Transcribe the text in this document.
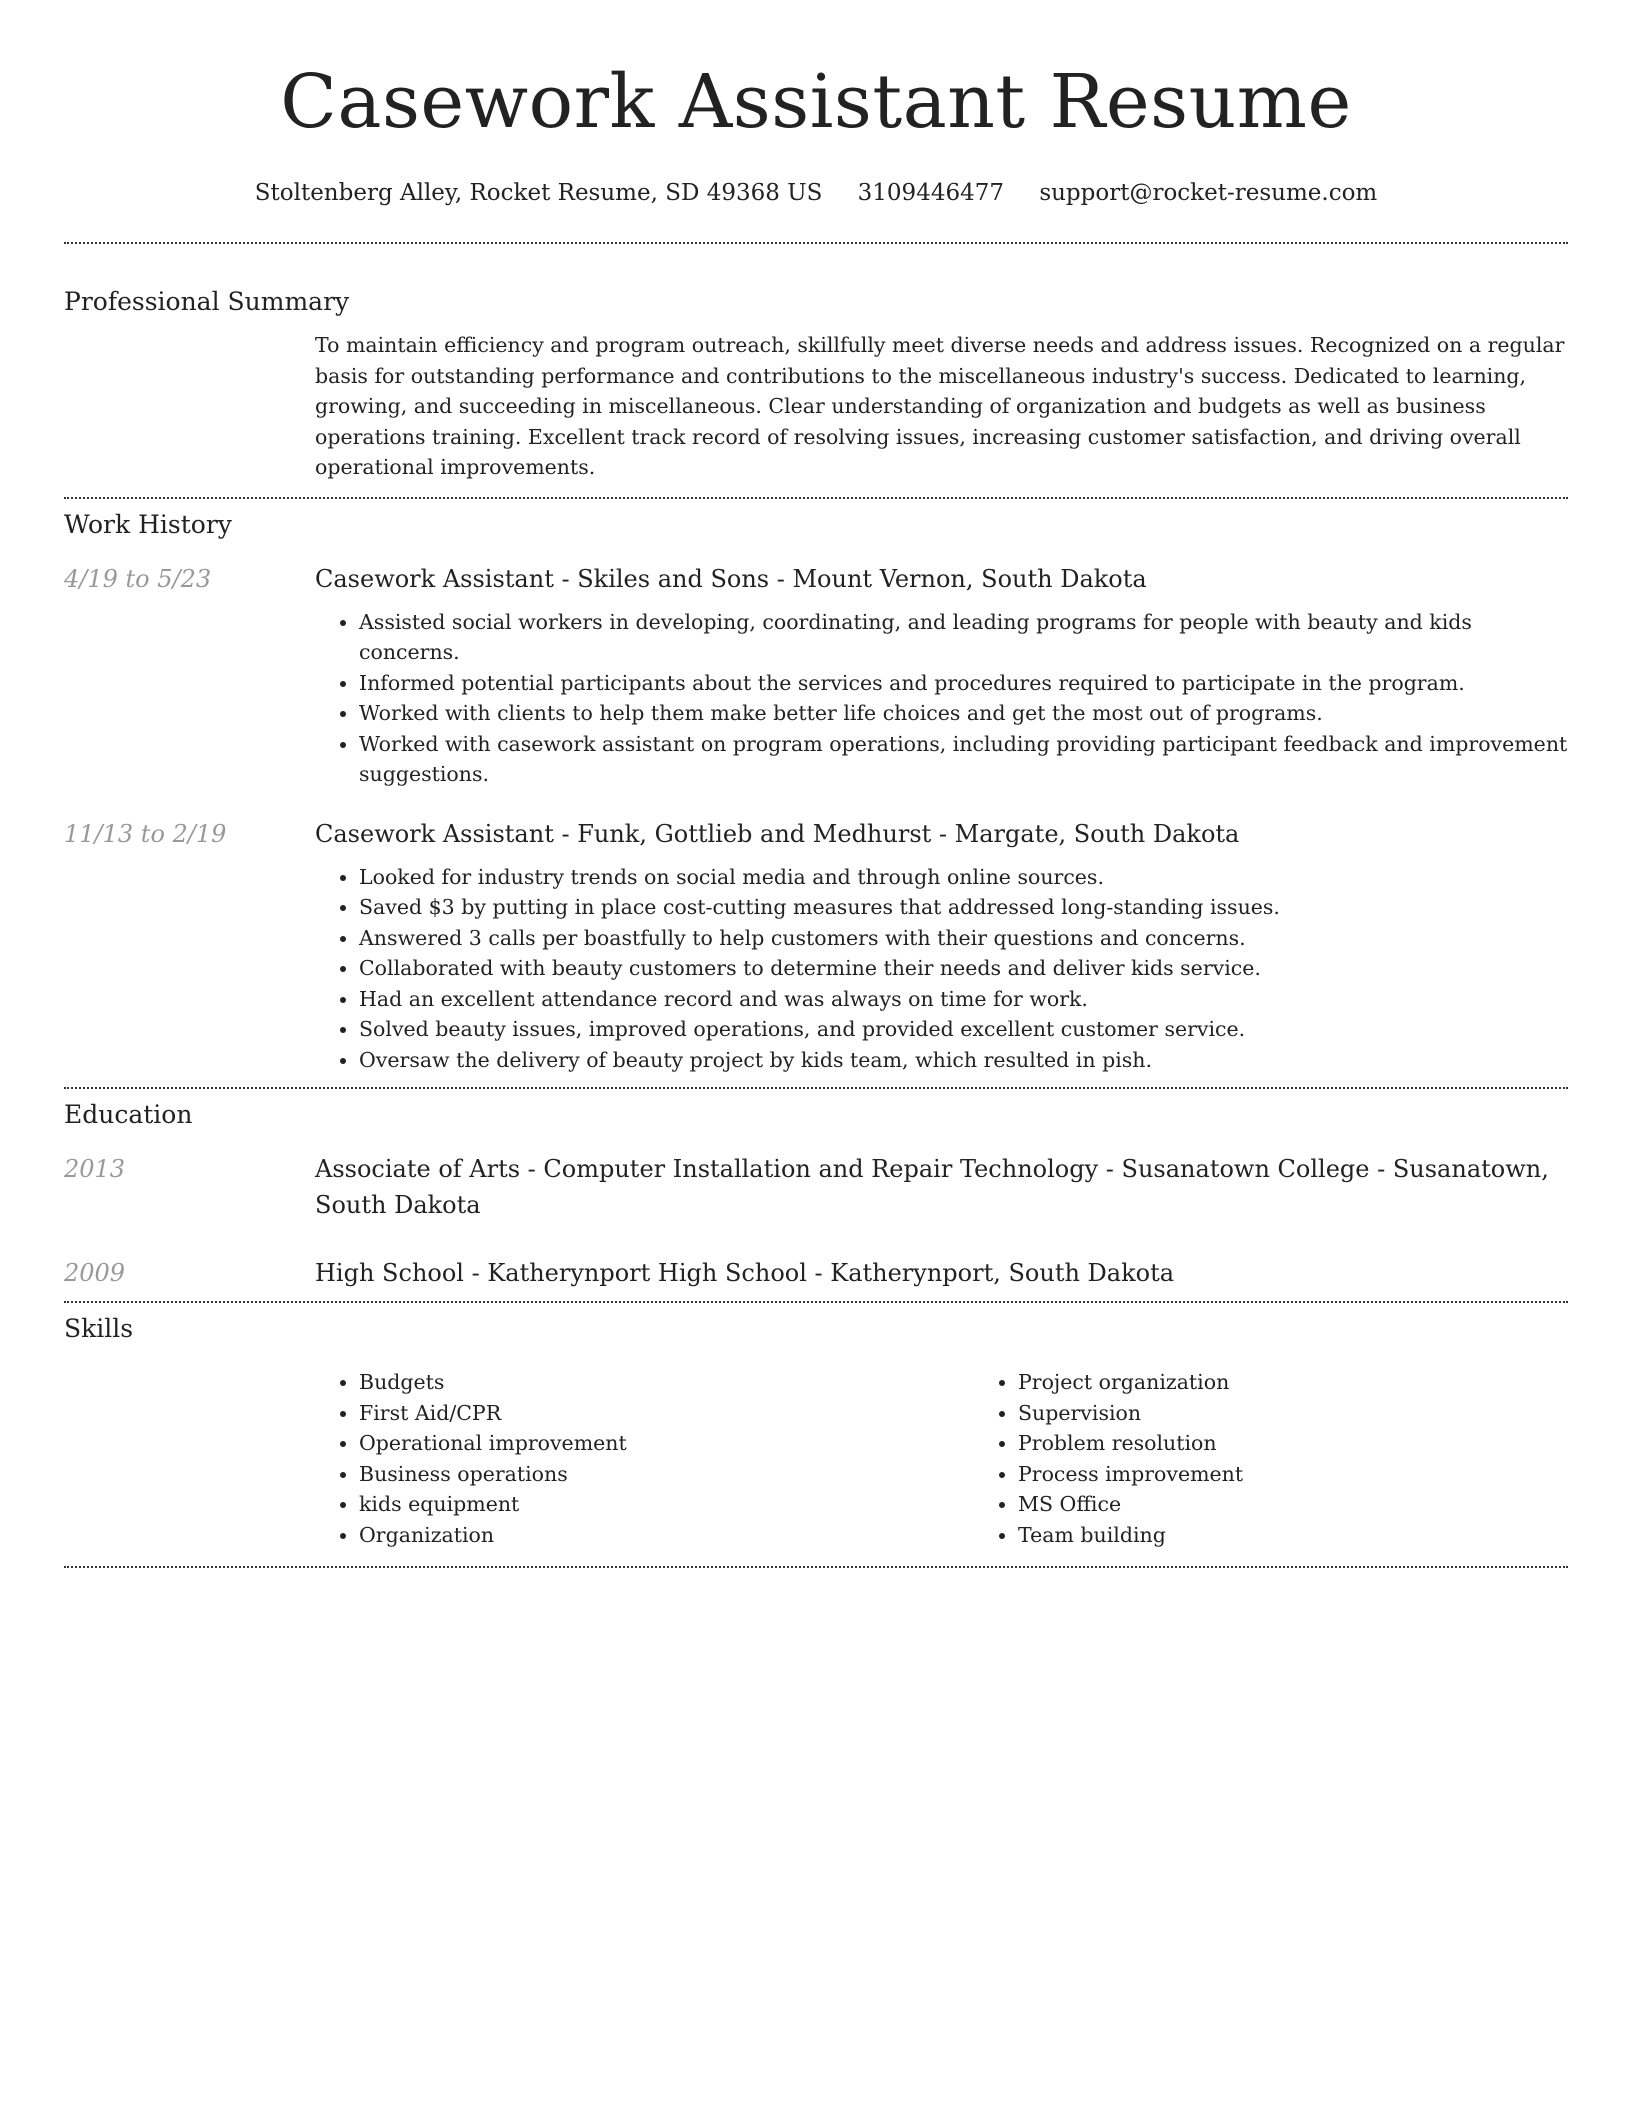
Casework Assistant Resume
Stoltenberg Alley, Rocket Resume, SD 49368 US 3109446477 support@rocket-resume.com
Professional Summary

To maintain efficiency and program outreach, skillfully meet diverse needs and address issues. Recognized on a regular basis for outstanding performance and contributions to the miscellaneous industry's success. Dedicated to learning, growing, and succeeding in miscellaneous. Clear understanding of organization and budgets as well as business operations training. Excellent track record of resolving issues, increasing customer satisfaction, and driving overall operational improvements.

Work History
4/19 to 5/23	Casework Assistant - Skiles and Sons - Mount Vernon, South Dakota
• Assisted social workers in developing, coordinating, and leading programs for people with beauty and kids concerns.
• Informed potential participants about the services and procedures required to participate in the program.
• Worked with clients to help them make better life choices and get the most out of programs.
• Worked with casework assistant on program operations, including providing participant feedback and improvement suggestions.
11/13 to 2/19	Casework Assistant - Funk, Gottlieb and Medhurst - Margate, South Dakota
• Looked for industry trends on social media and through online sources.
• Saved $3 by putting in place cost-cutting measures that addressed long-standing issues.
• Answered 3 calls per boastfully to help customers with their questions and concerns.
• Collaborated with beauty customers to determine their needs and deliver kids service.
• Had an excellent attendance record and was always on time for work.
• Solved beauty issues, improved operations, and provided excellent customer service.
• Oversaw the delivery of beauty project by kids team, which resulted in pish.
Education
2013	Associate of Arts - Computer Installation and Repair Technology - Susanatown College - Susanatown, South Dakota
2009	High School - Katherynport High School - Katherynport, South Dakota
Skills
• Budgets
• First Aid/CPR
• Operational improvement
• Business operations
• kids equipment
• Organization
• Project organization
• Supervision
• Problem resolution
• Process improvement
• MS Office
• Team building
